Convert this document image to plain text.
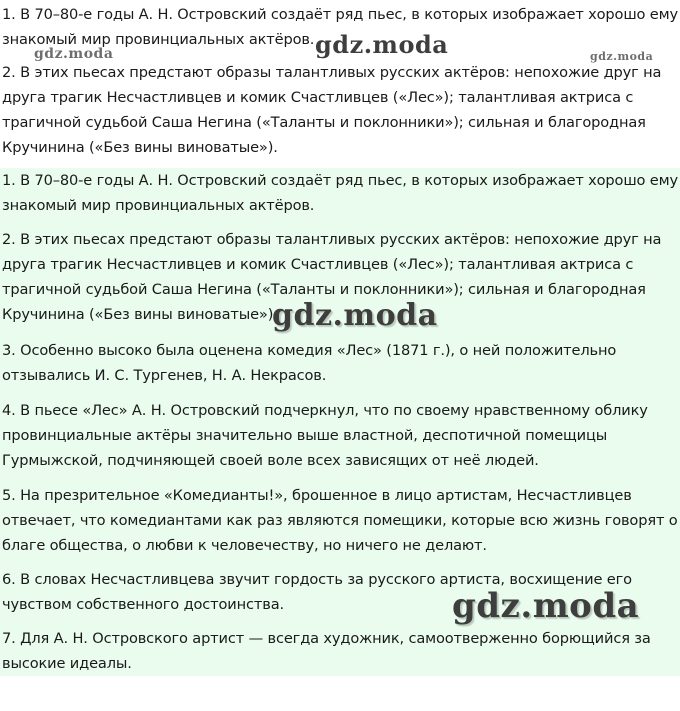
1. В 70–80-е годы А. Н. Островский создаёт ряд пьес, в которых изображает хорошо ему знакомый мир провинциальных актёров.

2. В этих пьесах предстают образы талантливых русских актёров: непохожие друг на друга трагик Несчастливцев и комик Счастливцев («Лес»); талантливая актриса с трагичной судьбой Саша Негина («Таланты и поклонники»); сильная и благородная Кручинина («Без вины виноватые»).

1. В 70–80-е годы А. Н. Островский создаёт ряд пьес, в которых изображает хорошо ему знакомый мир провинциальных актёров.

2. В этих пьесах предстают образы талантливых русских актёров: непохожие друг на друга трагик Несчастливцев и комик Счастливцев («Лес»); талантливая актриса с трагичной судьбой Саша Негина («Таланты и поклонники»); сильная и благородная Кручинина («Без вины виноватые»).

3. Особенно высоко была оценена комедия «Лес» (1871 г.), о ней положительно отзывались И. С. Тургенев, Н. А. Некрасов.

4. В пьесе «Лес» А. Н. Островский подчеркнул, что по своему нравственному облику провинциальные актёры значительно выше властной, деспотичной помещицы Гурмыжской, подчиняющей своей воле всех зависящих от неё людей.

5. На презрительное «Комедианты!», брошенное в лицо артистам, Несчастливцев отвечает, что комедиантами как раз являются помещики, которые всю жизнь говорят о благе общества, о любви к человечеству, но ничего не делают.

6. В словах Несчастливцева звучит гордость за русского артиста, восхищение его чувством собственного достоинства.

7. Для А. Н. Островского артист — всегда художник, самоотверженно борющийся за высокие идеалы.

gdz.moda	gdz.moda	gdz.moda
gdz.moda
gdz.moda
